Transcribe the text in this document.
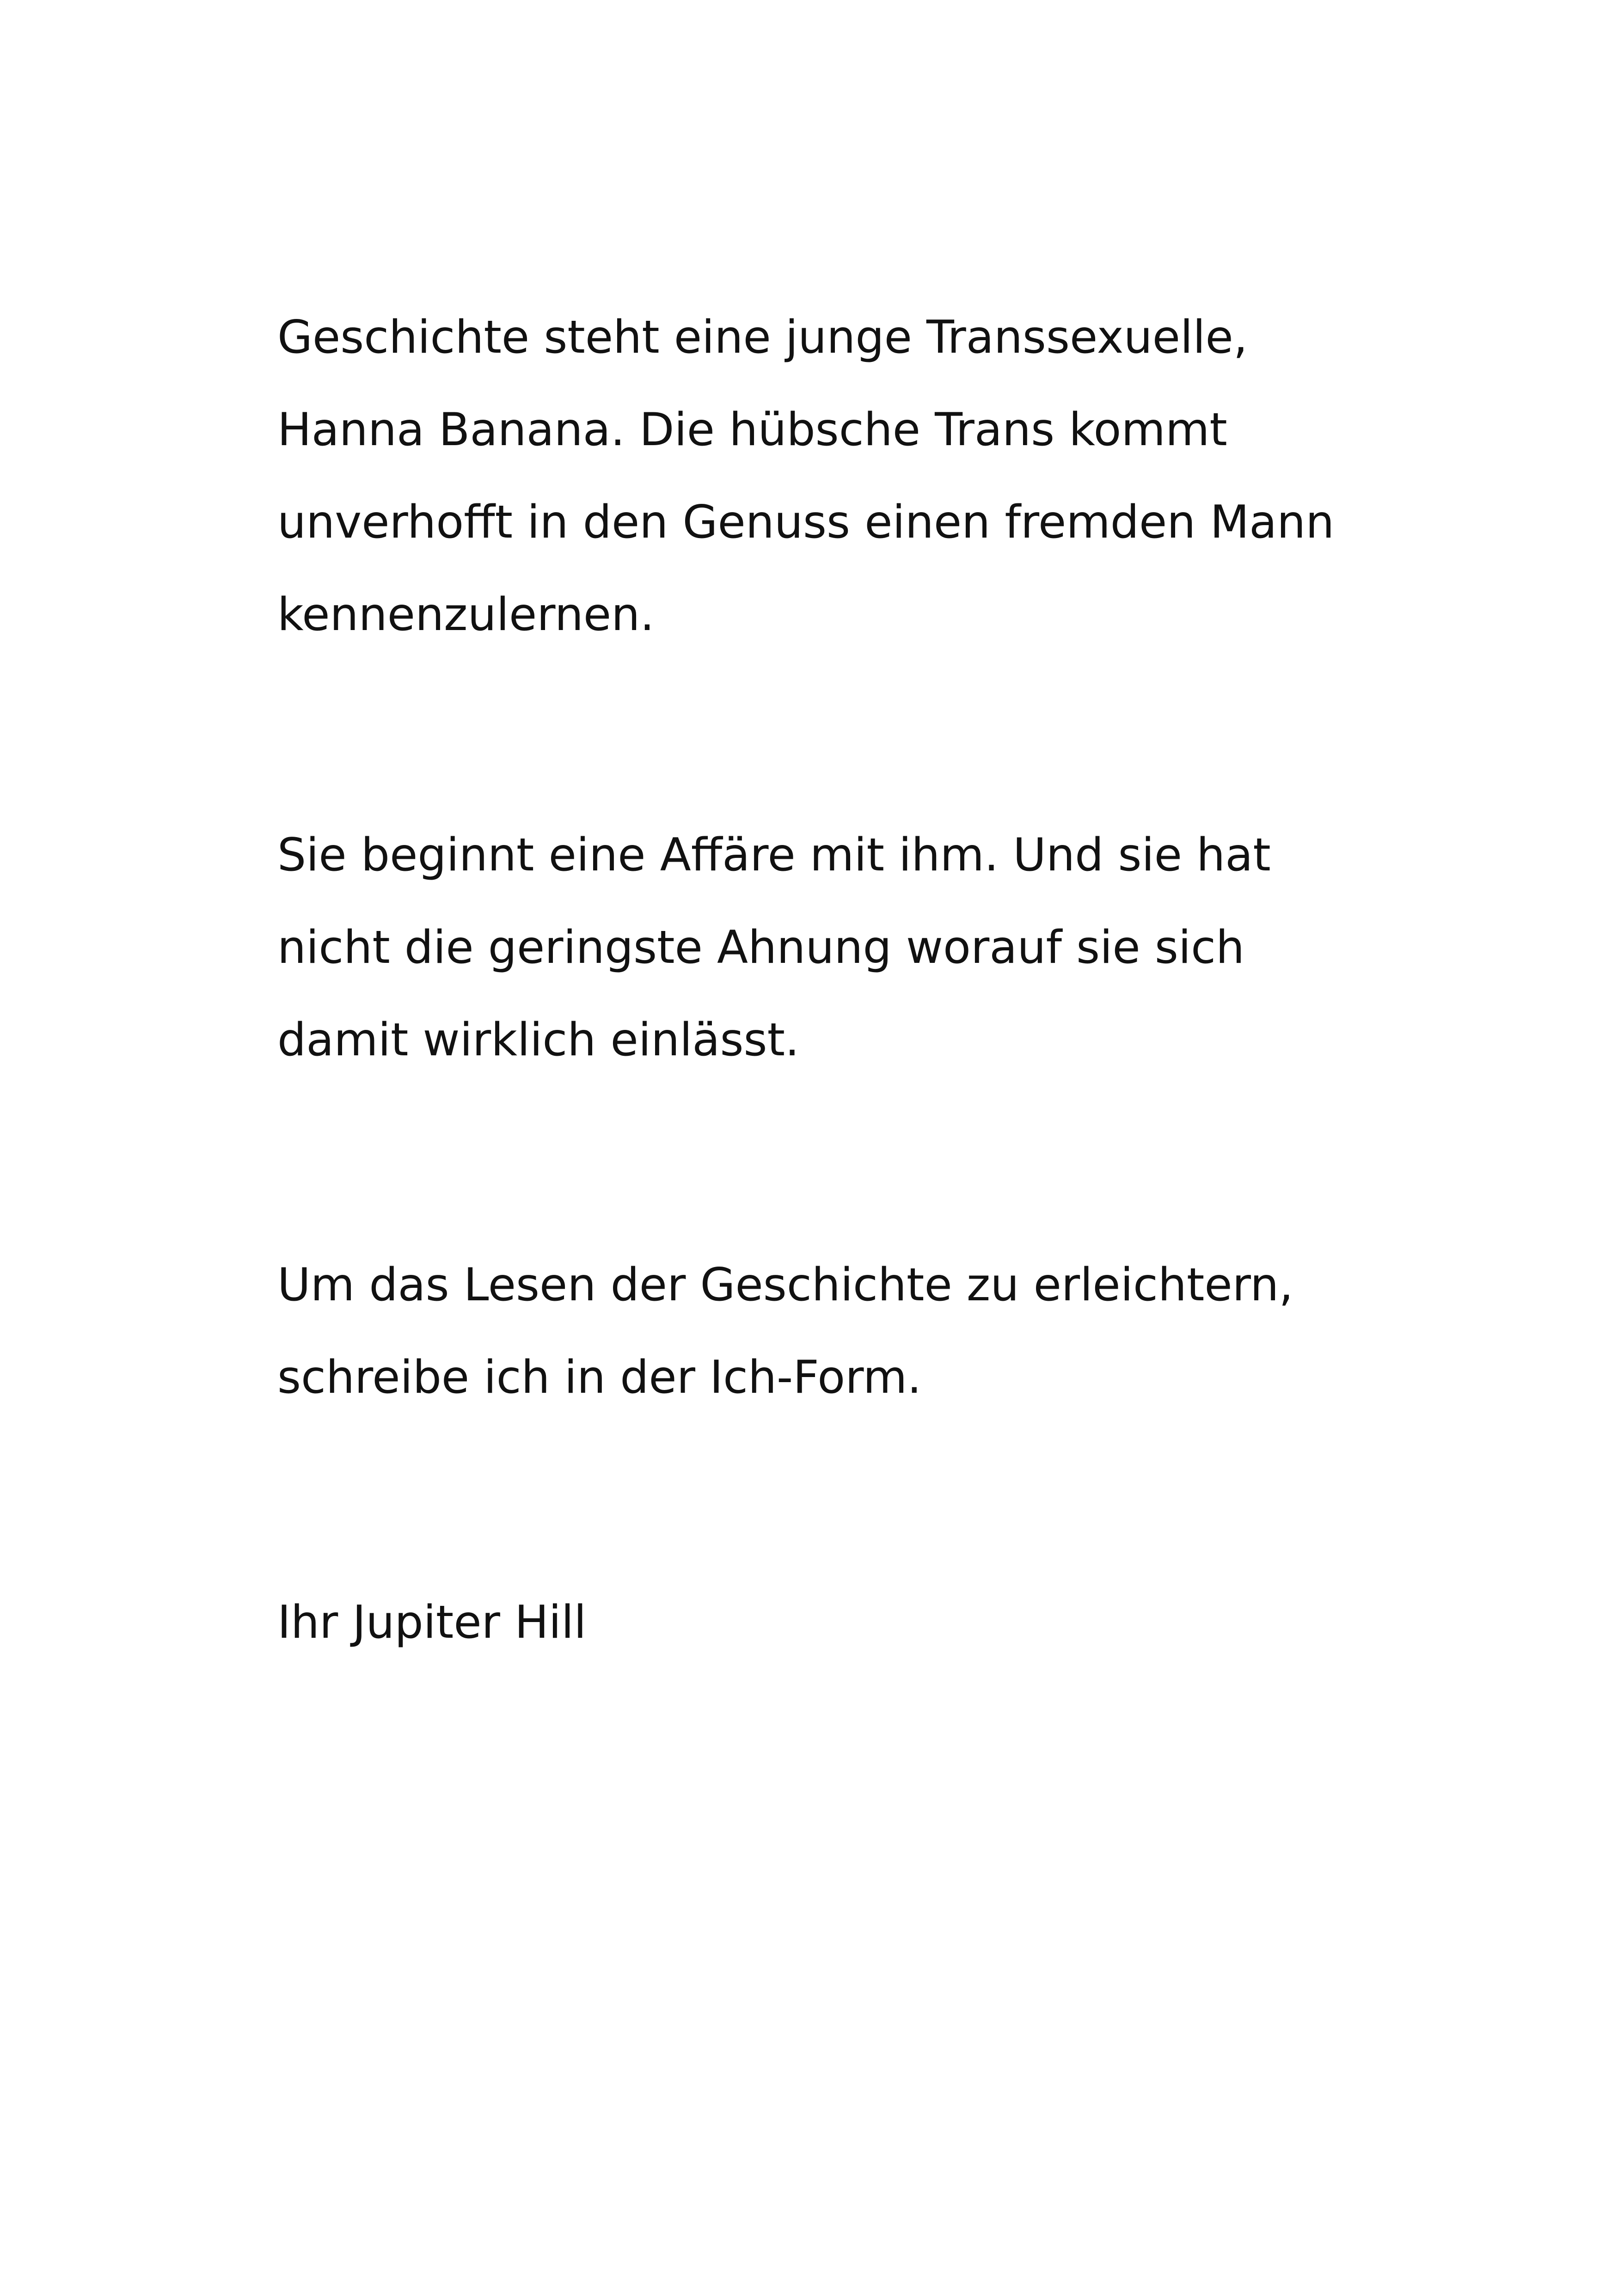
Geschichte steht eine junge Transsexuelle,
Hanna Banana. Die hübsche Trans kommt
unverhofft in den Genuss einen fremden Mann
kennenzulernen.
Sie beginnt eine Affäre mit ihm. Und sie hat
nicht die geringste Ahnung worauf sie sich
damit wirklich einlässt.
Um das Lesen der Geschichte zu erleichtern,
schreibe ich in der Ich-Form.
Ihr Jupiter Hill
